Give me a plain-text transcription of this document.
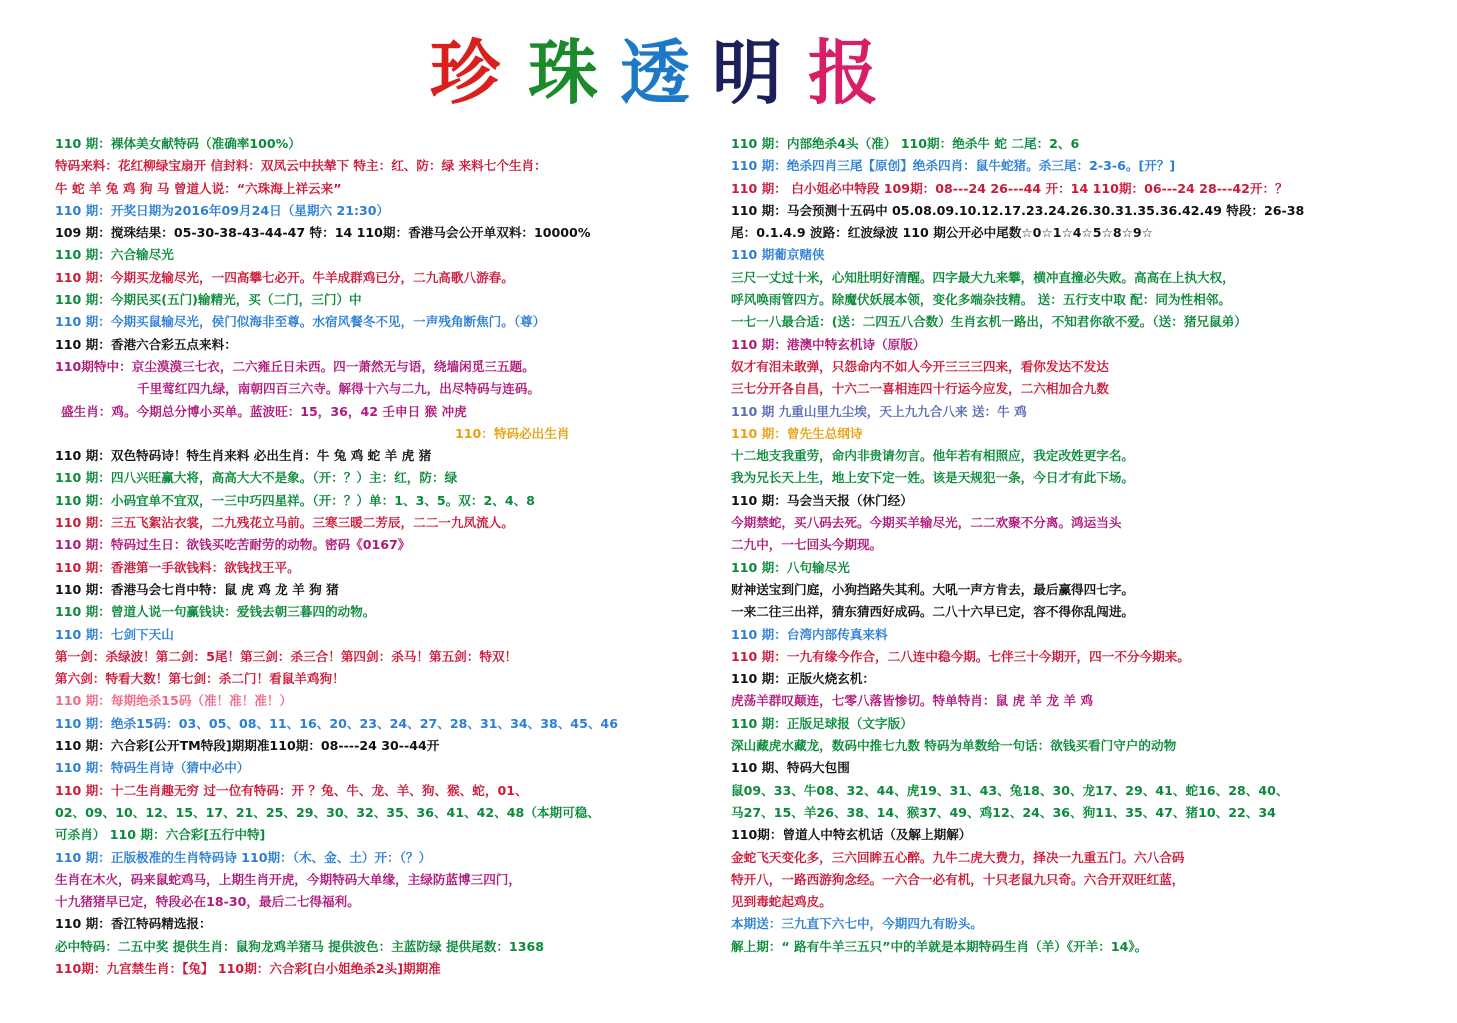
珍 珠 透 明 报
110 期：裸体美女献特码（准确率100%）
特码来料：花红柳绿宝扇开 信封料：双凤云中扶辇下 特主：红、防：绿 来料七个生肖：
牛 蛇 羊 兔 鸡 狗 马 曾道人说：“六珠海上祥云来”
110 期：开奖日期为2016年09月24日（星期六 21:30）
109 期：搅珠结果：05-30-38-43-44-47 特：14 110期：香港马会公开单双料：10000%
110 期：六合输尽光
110 期：今期买龙输尽光，一四高攀七必开。牛羊成群鸡已分，二九高歌八游春。
110 期：今期民买(五门)输精光，买（二门，三门）中
110 期：今期买鼠输尽光，侯门似海非至尊。水宿风餐冬不见，一声残角断焦门。（尊）
110 期：香港六合彩五点来料：
110期特中：京尘漠漠三七衣，二六雍丘日未西。四一萧然无与语，绕墙闲觅三五题。
千里莺红四九绿，南朝四百三六寺。解得十六与二九，出尽特码与连码。
盛生肖：鸡。今期总分博小买单。蓝波旺：15，36，42 壬申日 猴 冲虎
110：特码必出生肖
110 期：双色特码诗！特生肖来料 必出生肖：牛 兔 鸡 蛇 羊 虎 猪
110 期：四八兴旺赢大将，高高大大不是象。（开：？）主：红，防：绿
110 期：小码宜单不宜双，一三中巧四星祥。（开：？）单：1、3、5。双：2、4、8
110 期：三五飞絮沾衣裳，二九残花立马前。三寒三暖二芳辰，二二一九凤流人。
110 期：特码过生日：欲钱买吃苦耐劳的动物。密码《0167》
110 期：香港第一手欲钱料：欲钱找王平。
110 期：香港马会七肖中特：鼠 虎 鸡 龙 羊 狗 猪
110 期：曾道人说一句赢钱诀：爱钱去朝三暮四的动物。
110 期：七剑下天山
第一剑：杀绿波！第二剑：5尾！第三剑：杀三合！第四剑：杀马！第五剑：特双！
第六剑：特看大数！第七剑：杀二门！看鼠羊鸡狗！
110 期：每期绝杀15码（准！准！准！）
110 期：绝杀15码：03、05、08、11、16、20、23、24、27、28、31、34、38、45、46
110 期：六合彩[公开TM特段]期期准110期：08----24 30--44开
110 期：特码生肖诗（猜中必中）
110 期：十二生肖趣无穷 过一位有特码：开 ？兔、牛、龙、羊、狗、猴、蛇，01、
02、09、10、12、15、17、21、25、29、30、32、35、36、41、42、48（本期可稳、
可杀肖） 110 期：六合彩[五行中特]
110 期：正版极准的生肖特码诗 110期：（木、金、土）开：（？）
生肖在木火，码来鼠蛇鸡马，上期生肖开虎，今期特码大单缘，主绿防蓝博三四门，
十九猪猪早已定，特段必在18-30，最后二七得福利。
110 期：香江特码精选报：
必中特码：二五中奖 提供生肖：鼠狗龙鸡羊猪马 提供波色：主蓝防绿 提供尾数：1368
110期：九宫禁生肖：【兔】 110期：六合彩[白小姐绝杀2头]期期准
110 期：内部绝杀4头（准） 110期：绝杀牛 蛇 二尾：2、6
110 期：绝杀四肖三尾【原创】绝杀四肖：鼠牛蛇猪。杀三尾：2-3-6。[开？]
110 期： 白小姐必中特段 109期：08---24 26---44 开：14 110期：06---24 28---42开：？
110 期：马会预测十五码中 05.08.09.10.12.17.23.24.26.30.31.35.36.42.49 特段：26-38
尾：0.1.4.9 波路：红波绿波 110 期公开必中尾数☆0☆1☆4☆5☆8☆9☆
110 期葡京赌侠
三尺一丈过十米，心知肚明好清醒。四字最大九来攀，横冲直撞必失败。高高在上执大权，
呼风唤雨管四方。除魔伏妖展本领，变化多端杂技精。 送：五行支中取 配：同为性相邻。
一七一八最合适：(送：二四五八合数）生肖玄机一路出，不知君你欲不爱。（送：猪兄鼠弟）
110 期：港澳中特玄机诗（原版）
奴才有泪未敢弹，只怨命内不如人今开三三三四来，看你发达不发达
三七分开各自昌，十六二一喜相连四十行运今应发，二六相加合九数
110 期 九重山里九尘埃，天上九九合八来 送：牛 鸡
110 期：曾先生总纲诗
十二地支我重劳，命内非贵请勿言。他年若有相照应，我定改姓更字名。
我为兄长天上生，地上安下定一姓。该是天规犯一条，今日才有此下场。
110 期：马会当天报（休门经）
今期禁蛇，买八码去死。今期买羊输尽光，二二欢聚不分离。鸿运当头
二九中，一七回头今期现。
110 期：八句输尽光
财神送宝到门庭，小狗挡路失其利。大吼一声方肯去，最后赢得四七字。
一来二往三出祥，猜东猜西好成码。二八十六早已定，容不得你乱闯进。
110 期：台湾内部传真来料
110 期：一九有缘今作合，二八连中稳今期。七伴三十今期开，四一不分今期来。
110 期：正版火烧玄机：
虎荡羊群叹颠连，七零八落皆惨切。特单特肖：鼠 虎 羊 龙 羊 鸡
110 期：正版足球报（文字版）
深山藏虎水藏龙，数码中推七九数 特码为单数给一句话：欲钱买看门守户的动物
110 期、特码大包围
鼠09、33、牛08、32、44、虎19、31、43、兔18、30、龙17、29、41、蛇16、28、40、
马27、15、羊26、38、14、猴37、49、鸡12、24、36、狗11、35、47、猪10、22、34
110期：曾道人中特玄机话（及解上期解）
金蛇飞天变化多，三六回眸五心醉。九牛二虎大费力，择决一九重五门。六八合码
特开八，一路西游狗念经。一六合一必有机，十只老鼠九只奇。六合开双旺红蓝，
见到毒蛇起鸡皮。
本期送：三九直下六七中，今期四九有盼头。
解上期：“ 路有牛羊三五只”中的羊就是本期特码生肖（羊）《开羊：14》。
